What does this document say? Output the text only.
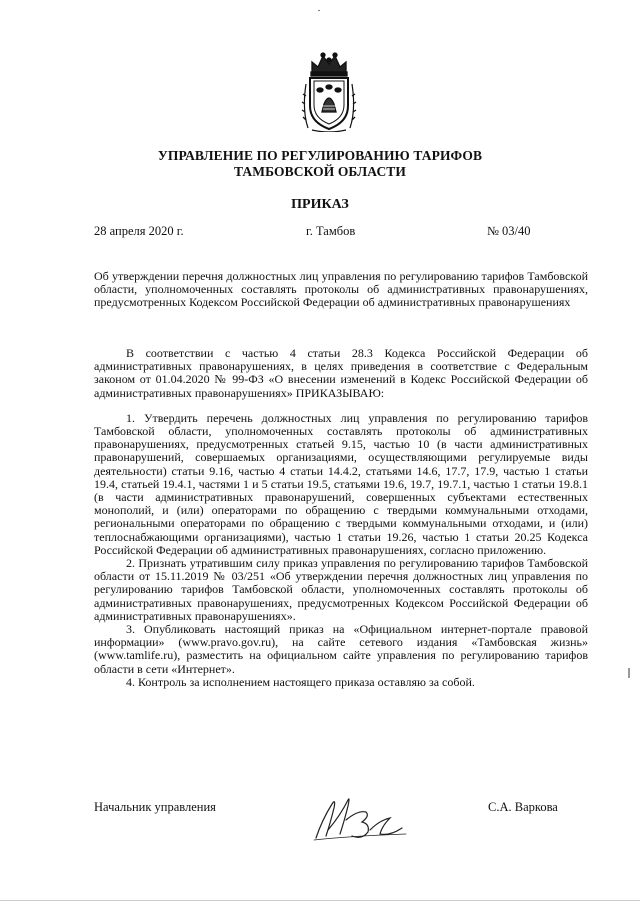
УПРАВЛЕНИЕ ПО РЕГУЛИРОВАНИЮ ТАРИФОВ
ТАМБОВСКОЙ ОБЛАСТИ
ПРИКАЗ
28 апреля 2020 г.	г. Тамбов	№ 03/40
Об утверждении перечня должностных лиц управления по регулированию тарифов Тамбовской области, уполномоченных составлять протоколы об административных правонарушениях, предусмотренных Кодексом Российской Федерации об административных правонарушениях

В соответствии с частью 4 статьи 28.3 Кодекса Российской Федерации об административных правонарушениях, в целях приведения в соответствие с Федеральным законом от 01.04.2020 № 99-ФЗ «О внесении изменений в Кодекс Российской Федерации об административных правонарушениях» ПРИКАЗЫВАЮ:

1. Утвердить перечень должностных лиц управления по регулированию тарифов Тамбовской области, уполномоченных составлять протоколы об административных правонарушениях, предусмотренных статьей 9.15, частью 10 (в части административных правонарушений, совершаемых организациями, осуществляющими регулируемые виды деятельности) статьи 9.16, частью 4 статьи 14.4.2, статьями 14.6, 17.7, 17.9, частью 1 статьи 19.4, статьей 19.4.1, частями 1 и 5 статьи 19.5, статьями 19.6, 19.7, 19.7.1, частью 1 статьи 19.8.1 (в части административных правонарушений, совершенных субъектами естественных монополий, и (или) операторами по обращению с твердыми коммунальными отходами, региональными операторами по обращению с твердыми коммунальными отходами, и (или) теплоснабжающими организациями), частью 1 статьи 19.26, частью 1 статьи 20.25 Кодекса Российской Федерации об административных правонарушениях, согласно приложению.

2. Признать утратившим силу приказ управления по регулированию тарифов Тамбовской области от 15.11.2019 № 03/251 «Об утверждении перечня должностных лиц управления по регулированию тарифов Тамбовской области, уполномоченных составлять протоколы об административных правонарушениях, предусмотренных Кодексом Российской Федерации об административных правонарушениях».

3. Опубликовать настоящий приказ на «Официальном интернет-портале правовой информации» (www.pravo.gov.ru), на сайте сетевого издания «Тамбовская жизнь» (www.tamlife.ru), разместить на официальном сайте управления по регулированию тарифов области в сети «Интернет».

4. Контроль за исполнением настоящего приказа оставляю за собой.

Начальник управления	С.А. Варкова
